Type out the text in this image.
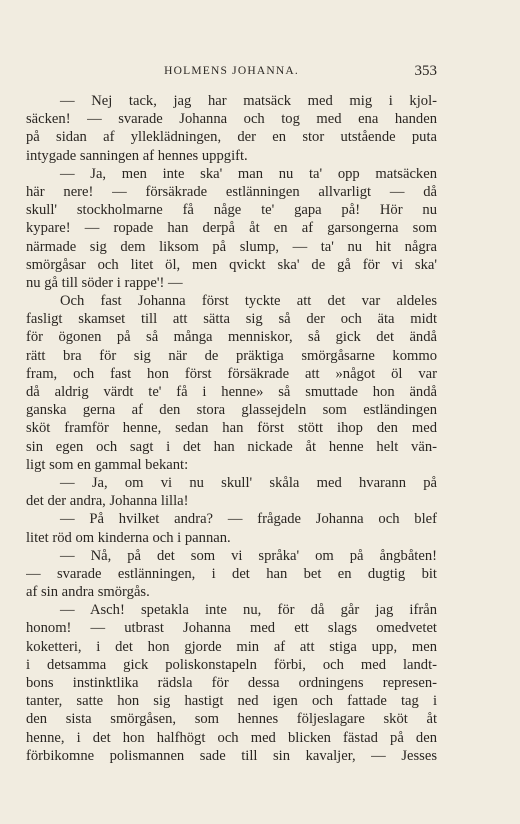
HOLMENS JOHANNA.	353
— Nej tack, jag har matsäck med mig i kjol-
säcken! — svarade Johanna och tog med ena handen
på sidan af ylleklädningen, der en stor utstående puta
intygade sanningen af hennes uppgift.
— Ja, men inte ska' man nu ta' opp matsäcken
här nere! — försäkrade estlänningen allvarligt — då
skull' stockholmarne få någe te' gapa på! Hör nu
kypare! — ropade han derpå åt en af garsongerna som
närmade sig dem liksom på slump, — ta' nu hit några
smörgåsar och litet öl, men qvickt ska' de gå för vi ska'
nu gå till söder i rappe'! —
Och fast Johanna först tyckte att det var aldeles
fasligt skamset till att sätta sig så der och äta midt
för ögonen på så många menniskor, så gick det ändå
rätt bra för sig när de präktiga smörgåsarne kommo
fram, och fast hon först försäkrade att »något öl var
då aldrig värdt te' få i henne» så smuttade hon ändå
ganska gerna af den stora glassejdeln som estländingen
sköt framför henne, sedan han först stött ihop den med
sin egen och sagt i det han nickade åt henne helt vän-
ligt som en gammal bekant:
— Ja, om vi nu skull' skåla med hvarann på
det der andra, Johanna lilla!
— På hvilket andra? — frågade Johanna och blef
litet röd om kinderna och i pannan.
— Nå, på det som vi språka' om på ångbåten!
— svarade estlänningen, i det han bet en dugtig bit
af sin andra smörgås.
— Asch! spetakla inte nu, för då går jag ifrån
honom! — utbrast Johanna med ett slags omedvetet
koketteri, i det hon gjorde min af att stiga upp, men
i detsamma gick poliskonstapeln förbi, och med landt-
bons instinktlika rädsla för dessa ordningens represen-
tanter, satte hon sig hastigt ned igen och fattade tag i
den sista smörgåsen, som hennes följeslagare sköt åt
henne, i det hon halfhögt och med blicken fästad på den
förbikomne polismannen sade till sin kavaljer, — Jesses
